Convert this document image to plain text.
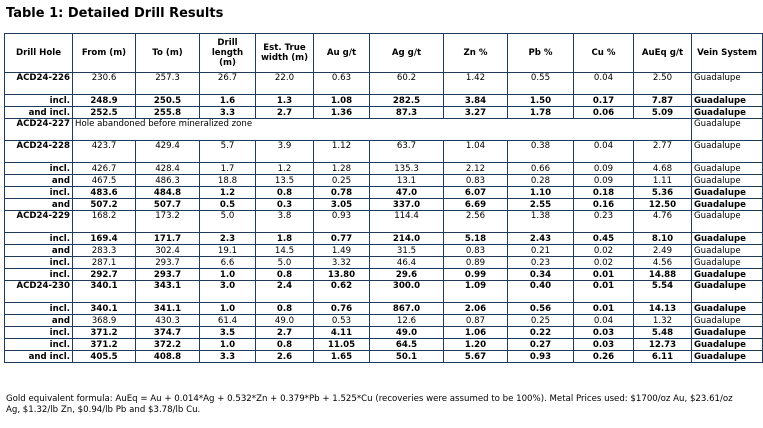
Table 1: Detailed Drill Results
Drill Hole	From (m)	To (m)	Drill length (m)	Est. True width (m)	Au g/t	Ag g/t	Zn %	Pb %	Cu %	AuEq g/t	Vein System
ACD24-226	230.6	257.3	26.7	22.0	0.63	60.2	1.42	0.55	0.04	2.50	Guadalupe
incl.	248.9	250.5	1.6	1.3	1.08	282.5	3.84	1.50	0.17	7.87	Guadalupe
and incl.	252.5	255.8	3.3	2.7	1.36	87.3	3.27	1.78	0.06	5.09	Guadalupe
ACD24-227	Hole abandoned before mineralized zone										Guadalupe
ACD24-228	423.7	429.4	5.7	3.9	1.12	63.7	1.04	0.38	0.04	2.77	Guadalupe
incl.	426.7	428.4	1.7	1.2	1.28	135.3	2.12	0.66	0.09	4.68	Guadalupe
and	467.5	486.3	18.8	13.5	0.25	13.1	0.83	0.28	0.09	1.11	Guadalupe
incl.	483.6	484.8	1.2	0.8	0.78	47.0	6.07	1.10	0.18	5.36	Guadalupe
and	507.2	507.7	0.5	0.3	3.05	337.0	6.69	2.55	0.16	12.50	Guadalupe
ACD24-229	168.2	173.2	5.0	3.8	0.93	114.4	2.56	1.38	0.23	4.76	Guadalupe
incl.	169.4	171.7	2.3	1.8	0.77	214.0	5.18	2.43	0.45	8.10	Guadalupe
and	283.3	302.4	19.1	14.5	1.49	31.5	0.83	0.21	0.02	2.49	Guadalupe
incl.	287.1	293.7	6.6	5.0	3.32	46.4	0.89	0.23	0.02	4.56	Guadalupe
incl.	292.7	293.7	1.0	0.8	13.80	29.6	0.99	0.34	0.01	14.88	Guadalupe
ACD24-230	340.1	343.1	3.0	2.4	0.62	300.0	1.09	0.40	0.01	5.54	Guadalupe
incl.	340.1	341.1	1.0	0.8	0.76	867.0	2.06	0.56	0.01	14.13	Guadalupe
and	368.9	430.3	61.4	49.0	0.53	12.6	0.87	0.25	0.04	1.32	Guadalupe
incl.	371.2	374.7	3.5	2.7	4.11	49.0	1.06	0.22	0.03	5.48	Guadalupe
incl.	371.2	372.2	1.0	0.8	11.05	64.5	1.20	0.27	0.03	12.73	Guadalupe
and incl.	405.5	408.8	3.3	2.6	1.65	50.1	5.67	0.93	0.26	6.11	Guadalupe
Gold equivalent formula: AuEq = Au + 0.014*Ag + 0.532*Zn + 0.379*Pb + 1.525*Cu (recoveries were assumed to be 100%). Metal Prices used: $1700/oz Au, $23.61/oz Ag, $1.32/lb Zn, $0.94/lb Pb and $3.78/lb Cu.
